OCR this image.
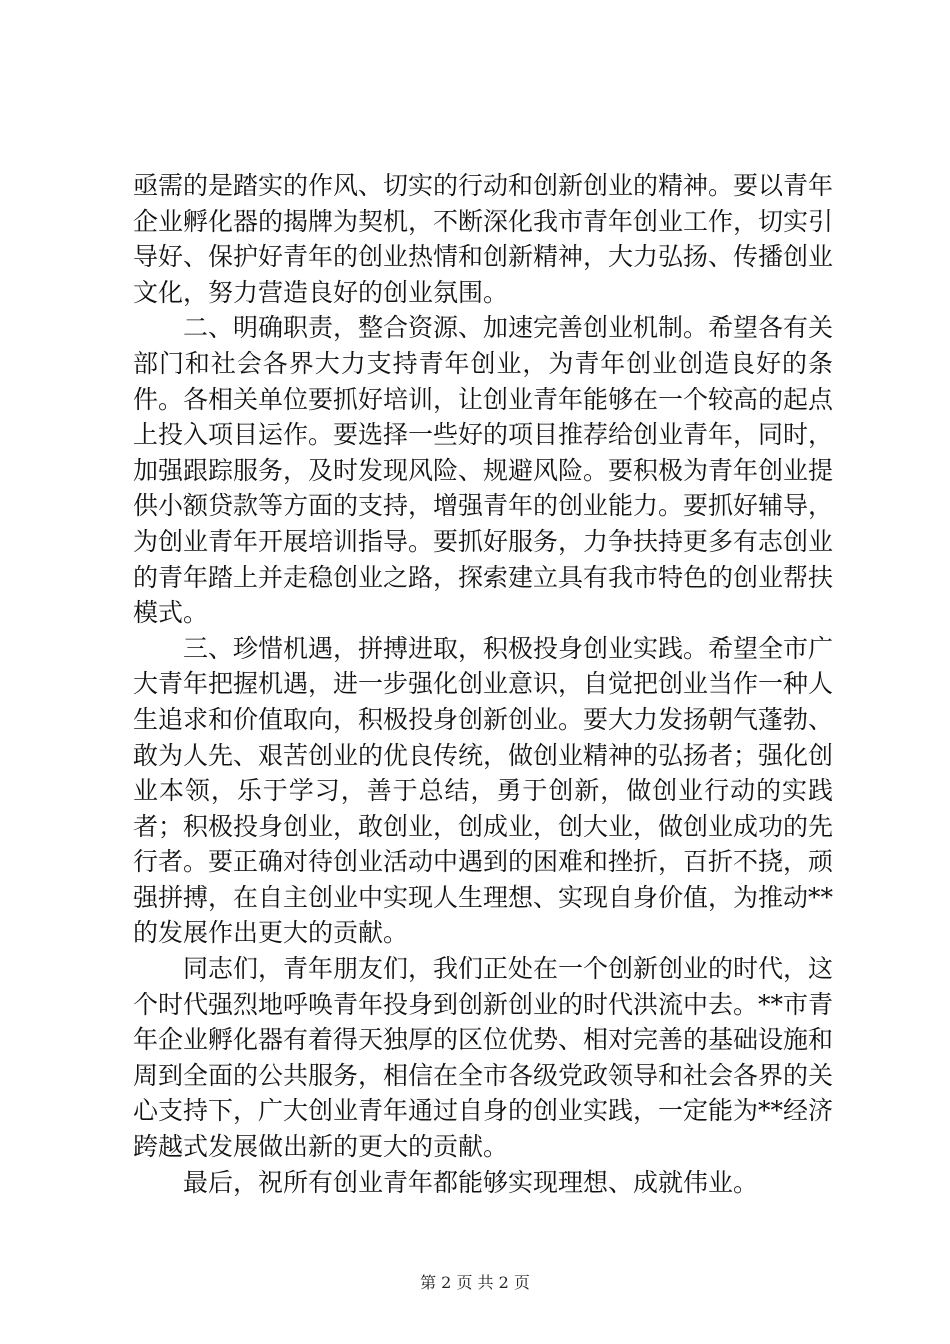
亟需的是踏实的作风、切实的行动和创新创业的精神。要以青年企业孵化器的揭牌为契机，不断深化我市青年创业工作，切实引导好、保护好青年的创业热情和创新精神，大力弘扬、传播创业文化，努力营造良好的创业氛围。

二、明确职责，整合资源、加速完善创业机制。希望各有关部门和社会各界大力支持青年创业，为青年创业创造良好的条件。各相关单位要抓好培训，让创业青年能够在一个较高的起点上投入项目运作。要选择一些好的项目推荐给创业青年，同时，加强跟踪服务，及时发现风险、规避风险。要积极为青年创业提供小额贷款等方面的支持，增强青年的创业能力。要抓好辅导，为创业青年开展培训指导。要抓好服务，力争扶持更多有志创业的青年踏上并走稳创业之路，探索建立具有我市特色的创业帮扶模式。

三、珍惜机遇，拼搏进取，积极投身创业实践。希望全市广大青年把握机遇，进一步强化创业意识，自觉把创业当作一种人生追求和价值取向，积极投身创新创业。要大力发扬朝气蓬勃、敢为人先、艰苦创业的优良传统，做创业精神的弘扬者；强化创业本领，乐于学习，善于总结，勇于创新，做创业行动的实践者；积极投身创业，敢创业，创成业，创大业，做创业成功的先行者。要正确对待创业活动中遇到的困难和挫折，百折不挠，顽强拼搏，在自主创业中实现人生理想、实现自身价值，为推动**的发展作出更大的贡献。

同志们，青年朋友们，我们正处在一个创新创业的时代，这个时代强烈地呼唤青年投身到创新创业的时代洪流中去。**市青年企业孵化器有着得天独厚的区位优势、相对完善的基础设施和周到全面的公共服务，相信在全市各级党政领导和社会各界的关心支持下，广大创业青年通过自身的创业实践，一定能为**经济跨越式发展做出新的更大的贡献。

最后，祝所有创业青年都能够实现理想、成就伟业。

第 2 页 共 2 页
